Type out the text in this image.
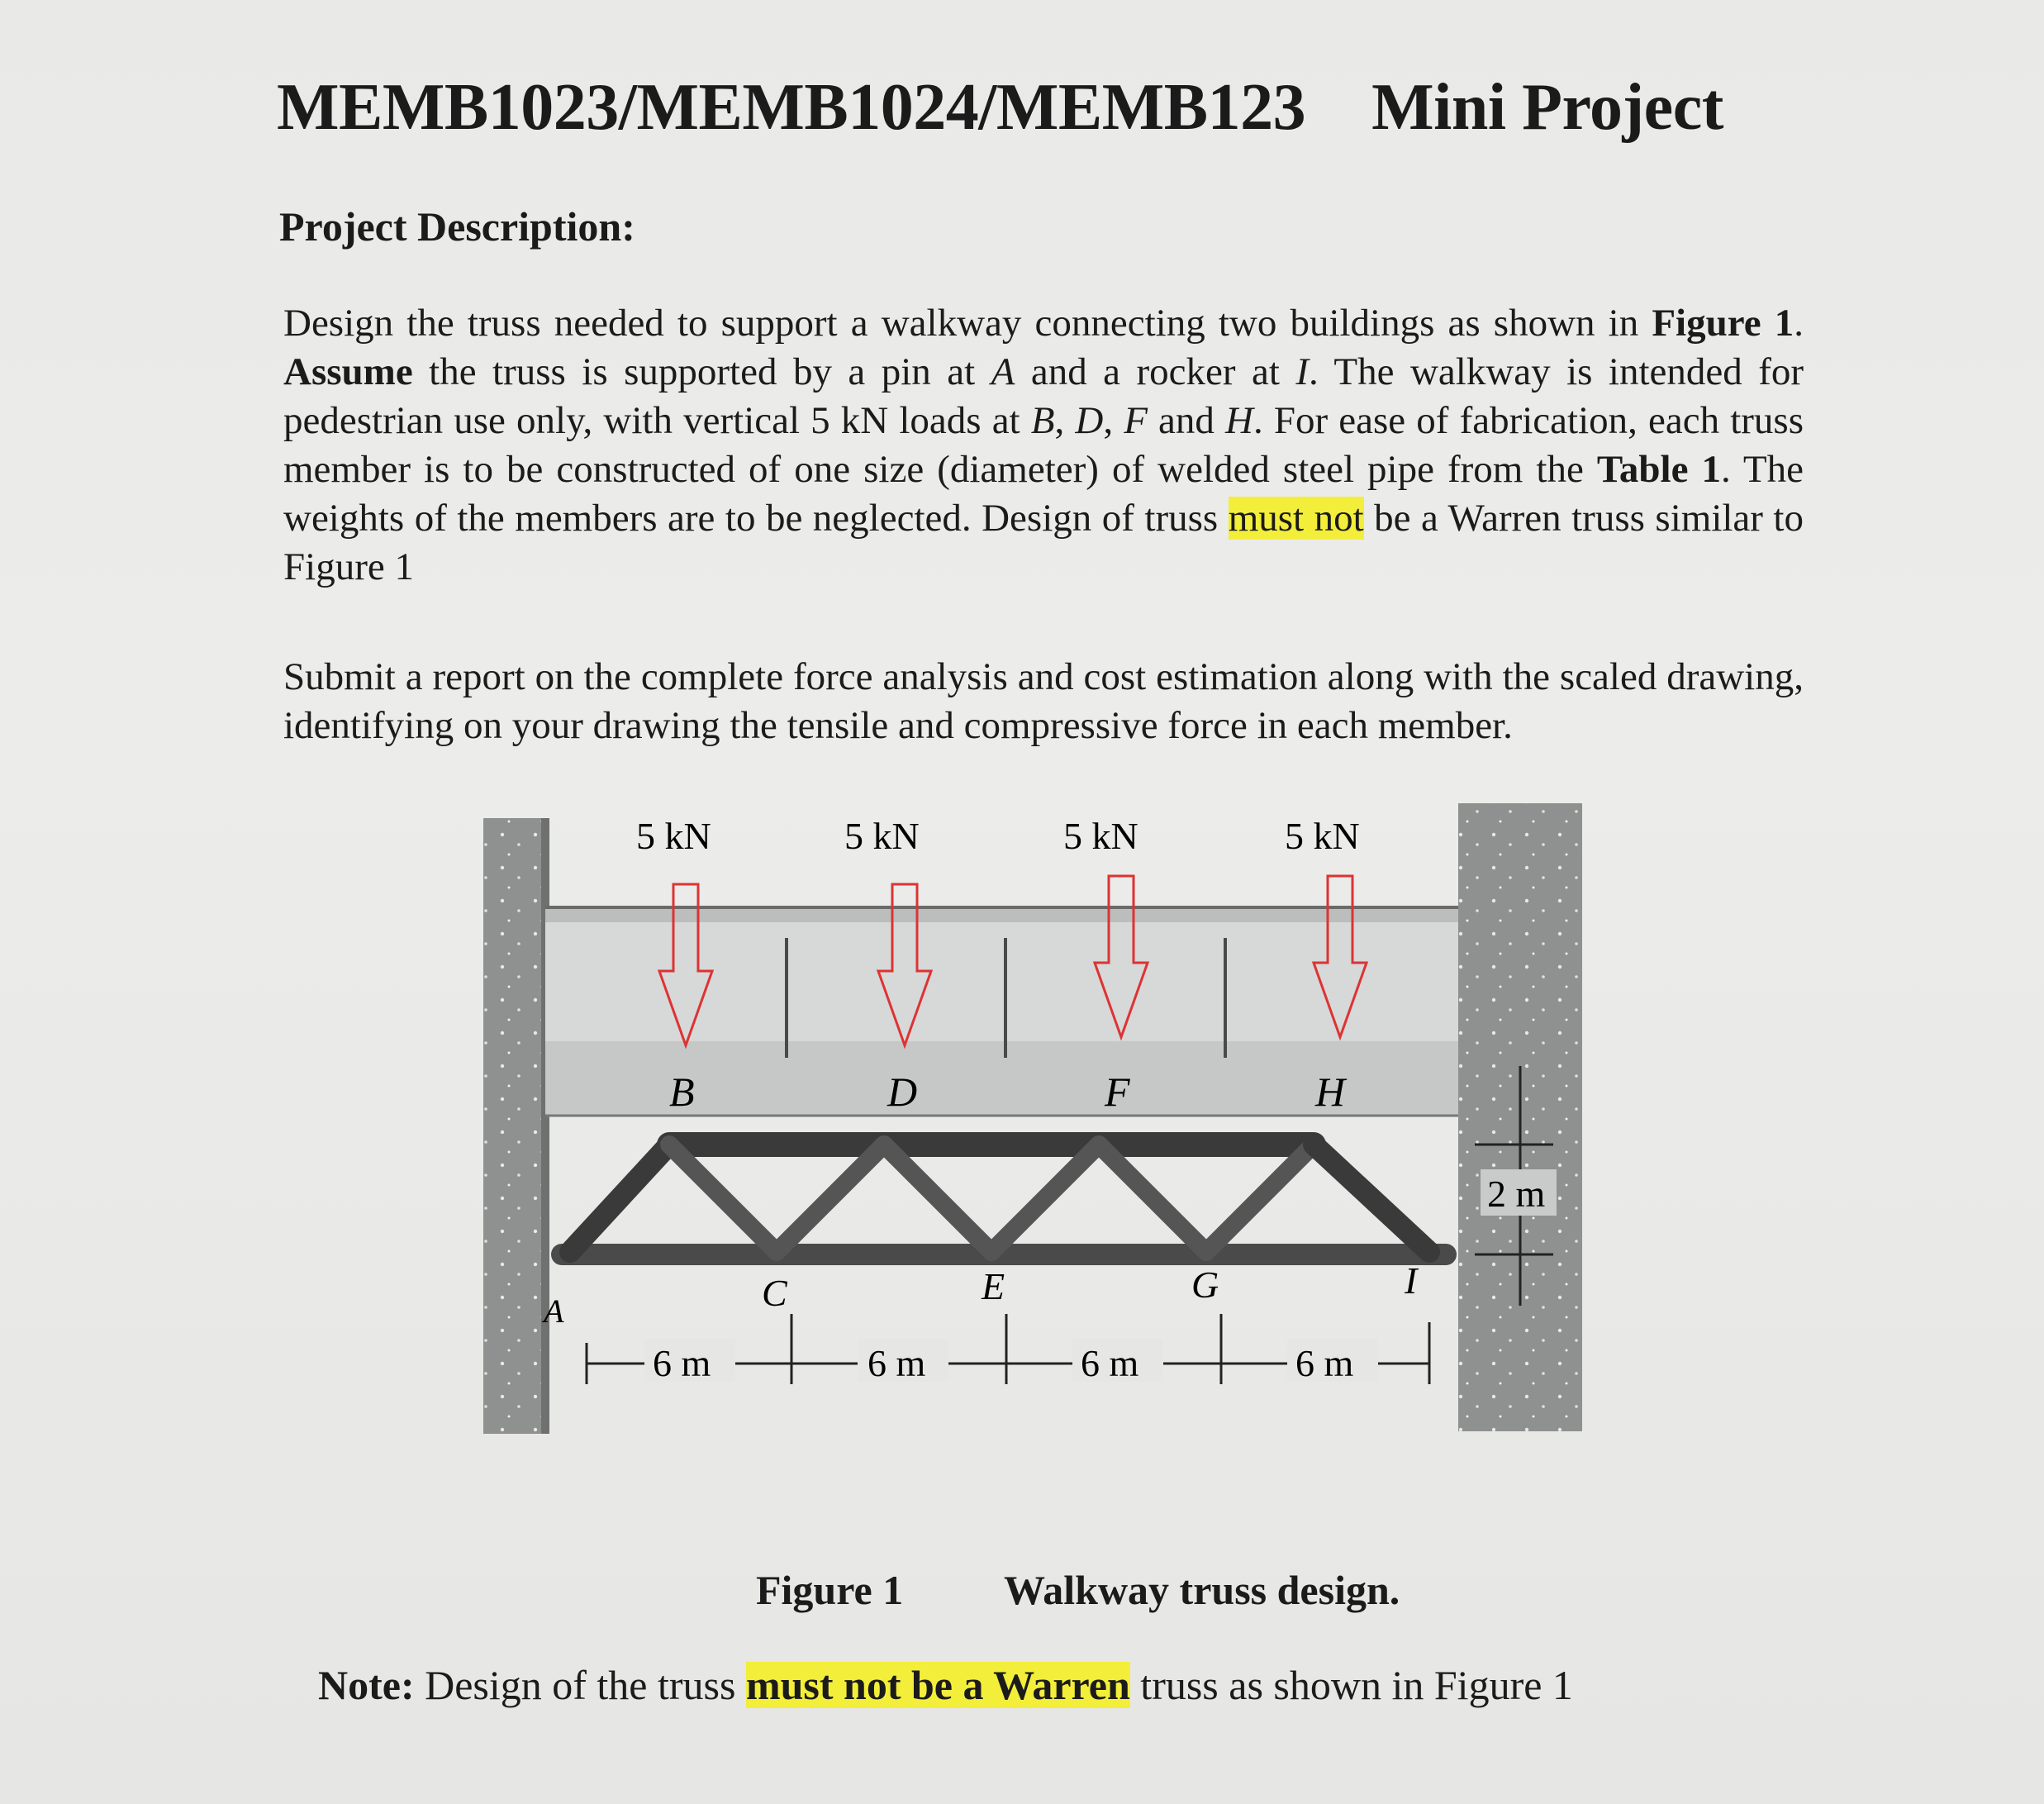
MEMB1023/MEMB1024/MEMB123 Mini Project
Project Description:
Design the truss needed to support a walkway connecting two buildings as shown in Figure 1. Assume the truss is supported by a pin at A and a rocker at I. The walkway is intended for pedestrian use only, with vertical 5 kN loads at B, D, F and H. For ease of fabrication, each truss member is to be constructed of one size (diameter) of welded steel pipe from the Table 1. The weights of the members are to be neglected. Design of truss must not be a Warren truss similar to Figure 1
Submit a report on the complete force analysis and cost estimation along with the scaled drawing, identifying on your drawing the tensile and compressive force in each member.
5 kN	5 kN	5 kN	5 kN
B	D	F	H
A	C	E	G	I
6 m	6 m	6 m	6 m
2 m
Figure 1 Walkway truss design.
Note: Design of the truss must not be a Warren truss as shown in Figure 1
